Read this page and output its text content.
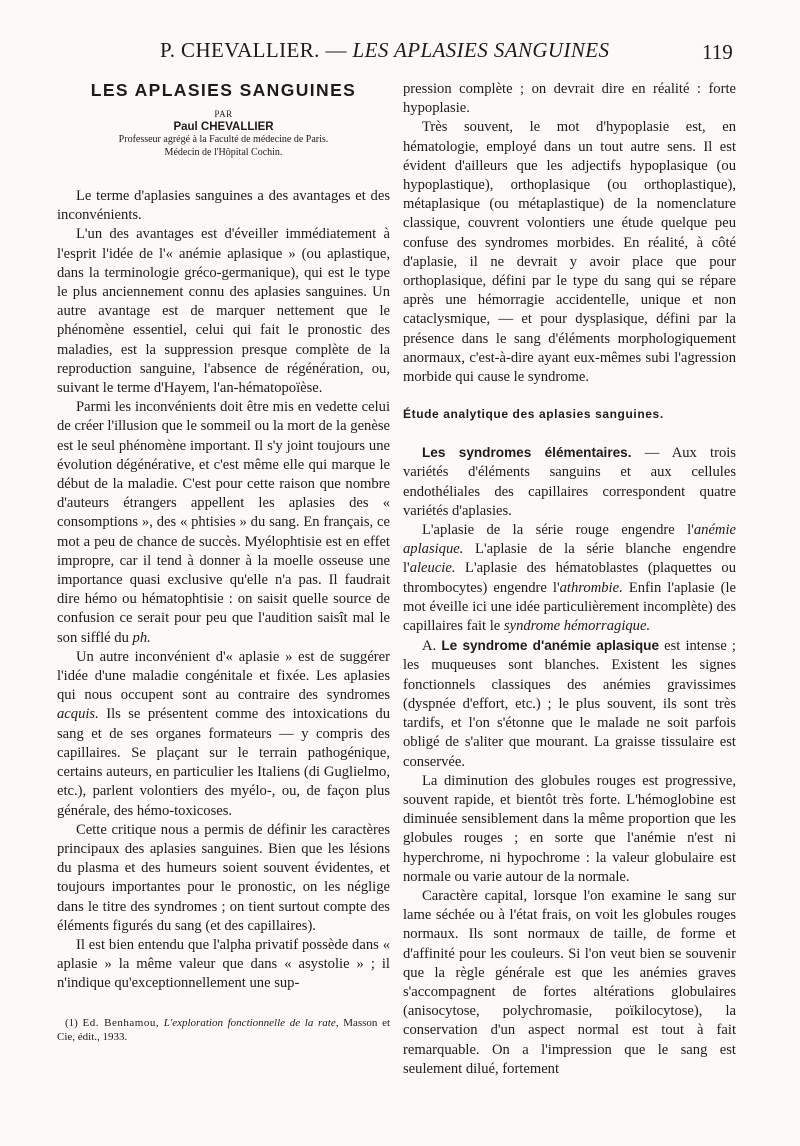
P. CHEVALLIER. — LES APLASIES SANGUINES	119
LES APLASIES SANGUINES

PAR

Paul CHEVALLIER

Professeur agrégé à la Faculté de médecine de Paris.

Médecin de l'Hôpital Cochin.

Le terme d'aplasies sanguines a des avantages et des inconvénients.

L'un des avantages est d'éveiller immédiatement à l'esprit l'idée de l'« anémie aplasique » (ou aplastique, dans la terminologie gréco-germanique), qui est le type le plus anciennement connu des aplasies sanguines. Un autre avantage est de marquer nettement que le phénomène essentiel, celui qui fait le pronostic des maladies, est la suppression presque complète de la reproduction sanguine, l'absence de régénération, ou, suivant le terme d'Hayem, l'an-hématopoïèse.

Parmi les inconvénients doit être mis en vedette celui de créer l'illusion que le sommeil ou la mort de la genèse est le seul phénomène important. Il s'y joint toujours une évolution dégénérative, et c'est même elle qui marque le début de la maladie. C'est pour cette raison que nombre d'auteurs étrangers appellent les aplasies des « consomptions », des « phtisies » du sang. En français, ce mot a peu de chance de succès. Myélophtisie est en effet impropre, car il tend à donner à la moelle osseuse une importance quasi exclusive qu'elle n'a pas. Il faudrait dire hémo ou hématophtisie : on saisit quelle source de confusion ce serait pour peu que l'audition saisît mal le son sifflé du ph.

Un autre inconvénient d'« aplasie » est de suggérer l'idée d'une maladie congénitale et fixée. Les aplasies qui nous occupent sont au contraire des syndromes acquis. Ils se présentent comme des intoxications du sang et de ses organes formateurs — y compris des capillaires. Se plaçant sur le terrain pathogénique, certains auteurs, en particulier les Italiens (di Guglielmo, etc.), parlent volontiers des myélo-, ou, de façon plus générale, des hémo-toxicoses.

Cette critique nous a permis de définir les caractères principaux des aplasies sanguines. Bien que les lésions du plasma et des humeurs soient souvent évidentes, et toujours importantes pour le pronostic, on les néglige dans le titre des syndromes ; on tient surtout compte des éléments figurés du sang (et des capillaires).

Il est bien entendu que l'alpha privatif possède dans « aplasie » la même valeur que dans « asystolie » ; il n'indique qu'exceptionnellement une sup-

(1) Ed. Benhamou, L'exploration fonctionnelle de la rate, Masson et Cie, édit., 1933.

pression complète ; on devrait dire en réalité : forte hypoplasie.

Très souvent, le mot d'hypoplasie est, en hématologie, employé dans un tout autre sens. Il est évident d'ailleurs que les adjectifs hypoplasique (ou hypoplastique), orthoplasique (ou orthoplastique), métaplasique (ou métaplastique) de la nomenclature classique, couvrent volontiers une étude quelque peu confuse des syndromes morbides. En réalité, à côté d'aplasie, il ne devrait y avoir place que pour orthoplasique, défini par le type du sang qui se répare après une hémorragie accidentelle, unique et non cataclysmique, — et pour dysplasique, défini par la présence dans le sang d'éléments morphologiquement anormaux, c'est-à-dire ayant eux-mêmes subi l'agression morbide qui cause le syndrome.

Étude analytique des aplasies sanguines.

Les syndromes élémentaires. — Aux trois variétés d'éléments sanguins et aux cellules endothéliales des capillaires correspondent quatre variétés d'aplasies.

L'aplasie de la série rouge engendre l'anémie aplasique. L'aplasie de la série blanche engendre l'aleucie. L'aplasie des hématoblastes (plaquettes ou thrombocytes) engendre l'athrombie. Enfin l'aplasie (le mot éveille ici une idée particulièrement incomplète) des capillaires fait le syndrome hémorragique.

A. Le syndrome d'anémie aplasique est intense ; les muqueuses sont blanches. Existent les signes fonctionnels classiques des anémies gravissimes (dyspnée d'effort, etc.) ; le plus souvent, ils sont très tardifs, et l'on s'étonne que le malade ne soit parfois obligé de s'aliter que mourant. La graisse tissulaire est conservée.

La diminution des globules rouges est progressive, souvent rapide, et bientôt très forte. L'hémoglobine est diminuée sensiblement dans la même proportion que les globules rouges ; en sorte que l'anémie n'est ni hyperchrome, ni hypochrome : la valeur globulaire est normale ou varie autour de la normale.

Caractère capital, lorsque l'on examine le sang sur lame séchée ou à l'état frais, on voit les globules rouges normaux. Ils sont normaux de taille, de forme et d'affinité pour les couleurs. Si l'on veut bien se souvenir que la règle générale est que les anémies graves s'accompagnent de fortes altérations globulaires (anisocytose, polychromasie, poïkilocytose), la conservation d'un aspect normal est tout à fait remarquable. On a l'impression que le sang est seulement dilué, fortement
